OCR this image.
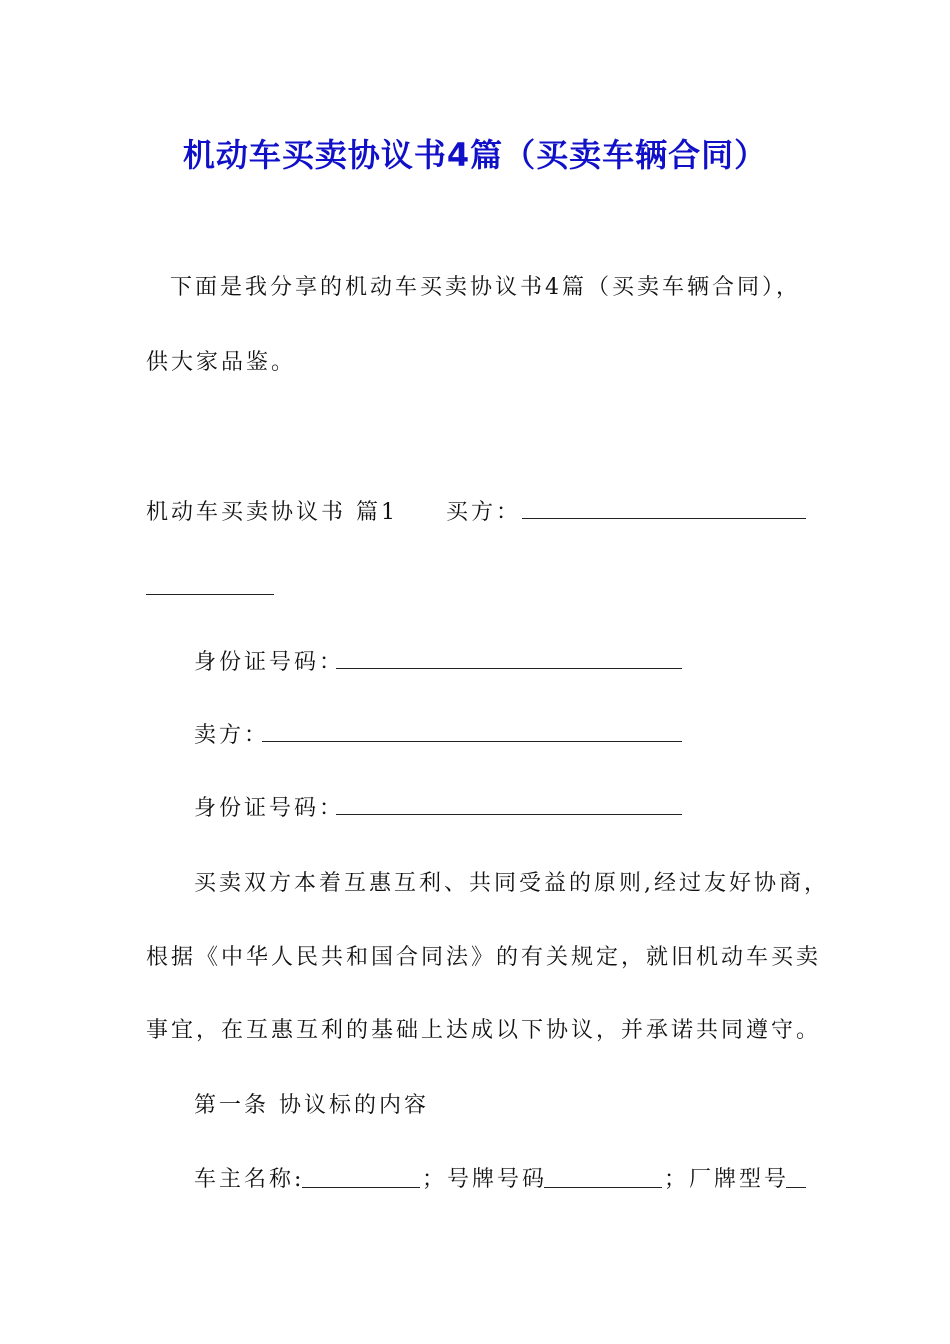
机动车买卖协议书4篇（买卖车辆合同）
下面是我分享的机动车买卖协议书4篇（买卖车辆合同），
供大家品鉴。
机动车买卖协议书 篇1 买方：
身份证号码：
卖方：
身份证号码：
买卖双方本着互惠互利、共同受益的原则,经过友好协商，
根据《中华人民共和国合同法》的有关规定，就旧机动车买卖
事宜，在互惠互利的基础上达成以下协议，并承诺共同遵守。
第一条 协议标的内容
车主名称:	；号牌号码	；厂牌型号
